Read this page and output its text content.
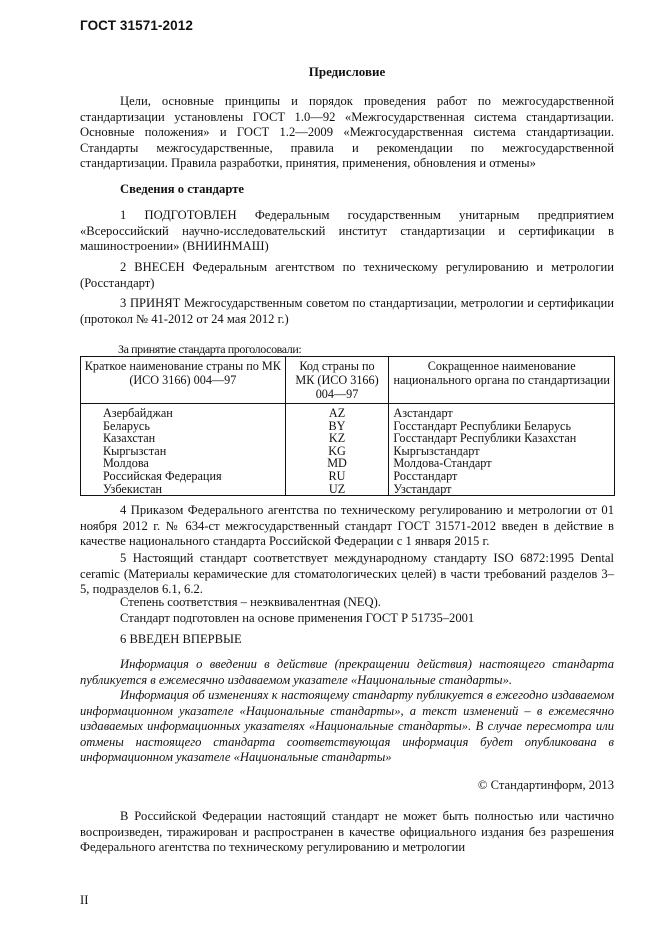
ГОСТ 31571-2012
Предисловие
Цели, основные принципы и порядок проведения работ по межгосударственной стандартизации установлены ГОСТ 1.0—92 «Межгосударственная система стандартизации. Основные положения» и ГОСТ 1.2—2009 «Межгосударственная система стандартизации. Стандарты межгосударственные, правила и рекомендации по межгосударственной стандартизации. Правила разработки, принятия, применения, обновления и отмены»
Сведения о стандарте
1 ПОДГОТОВЛЕН Федеральным государственным унитарным предприятием «Всероссийский научно-исследовательский институт стандартизации и сертификации в машиностроении» (ВНИИНМАШ)
2 ВНЕСЕН Федеральным агентством по техническому регулированию и метрологии (Росстандарт)
3 ПРИНЯТ Межгосударственным советом по стандартизации, метрологии и сертификации (протокол № 41-2012 от 24 мая 2012 г.)
За принятие стандарта проголосовали:
Краткое наименование страны по МК (ИСО 3166) 004—97	Код страны по МК (ИСО 3166) 004—97	Сокращенное наименование национального органа по стандартизации
Азербайджан	AZ	Азстандарт
Беларусь	BY	Госстандарт Республики Беларусь
Казахстан	KZ	Госстандарт Республики Казахстан
Кыргызстан	KG	Кыргызстандарт
Молдова	MD	Молдова-Стандарт
Российская Федерация	RU	Росстандарт
Узбекистан	UZ	Узстандарт
4 Приказом Федерального агентства по техническому регулированию и метрологии от 01 ноября 2012 г. № 634-ст межгосударственный стандарт ГОСТ 31571-2012 введен в действие в качестве национального стандарта Российской Федерации с 1 января 2015 г.
5 Настоящий стандарт соответствует международному стандарту ISO 6872:1995 Dental ceramic (Материалы керамические для стоматологических целей) в части требований разделов 3–5, подразделов 6.1, 6.2.
Степень соответствия – неэквивалентная (NEQ).
Стандарт подготовлен на основе применения ГОСТ Р 51735–2001
6 ВВЕДЕН ВПЕРВЫЕ
Информация о введении в действие (прекращении действия) настоящего стандарта публикуется в ежемесячно издаваемом указателе «Национальные стандарты».
Информация об изменениях к настоящему стандарту публикуется в ежегодно издаваемом информационном указателе «Национальные стандарты», а текст изменений – в ежемесячно издаваемых информационных указателях «Национальные стандарты». В случае пересмотра или отмены настоящего стандарта соответствующая информация будет опубликована в информационном указателе «Национальные стандарты»
© Стандартинформ, 2013
В Российской Федерации настоящий стандарт не может быть полностью или частично воспроизведен, тиражирован и распространен в качестве официального издания без разрешения Федерального агентства по техническому регулированию и метрологии
II
